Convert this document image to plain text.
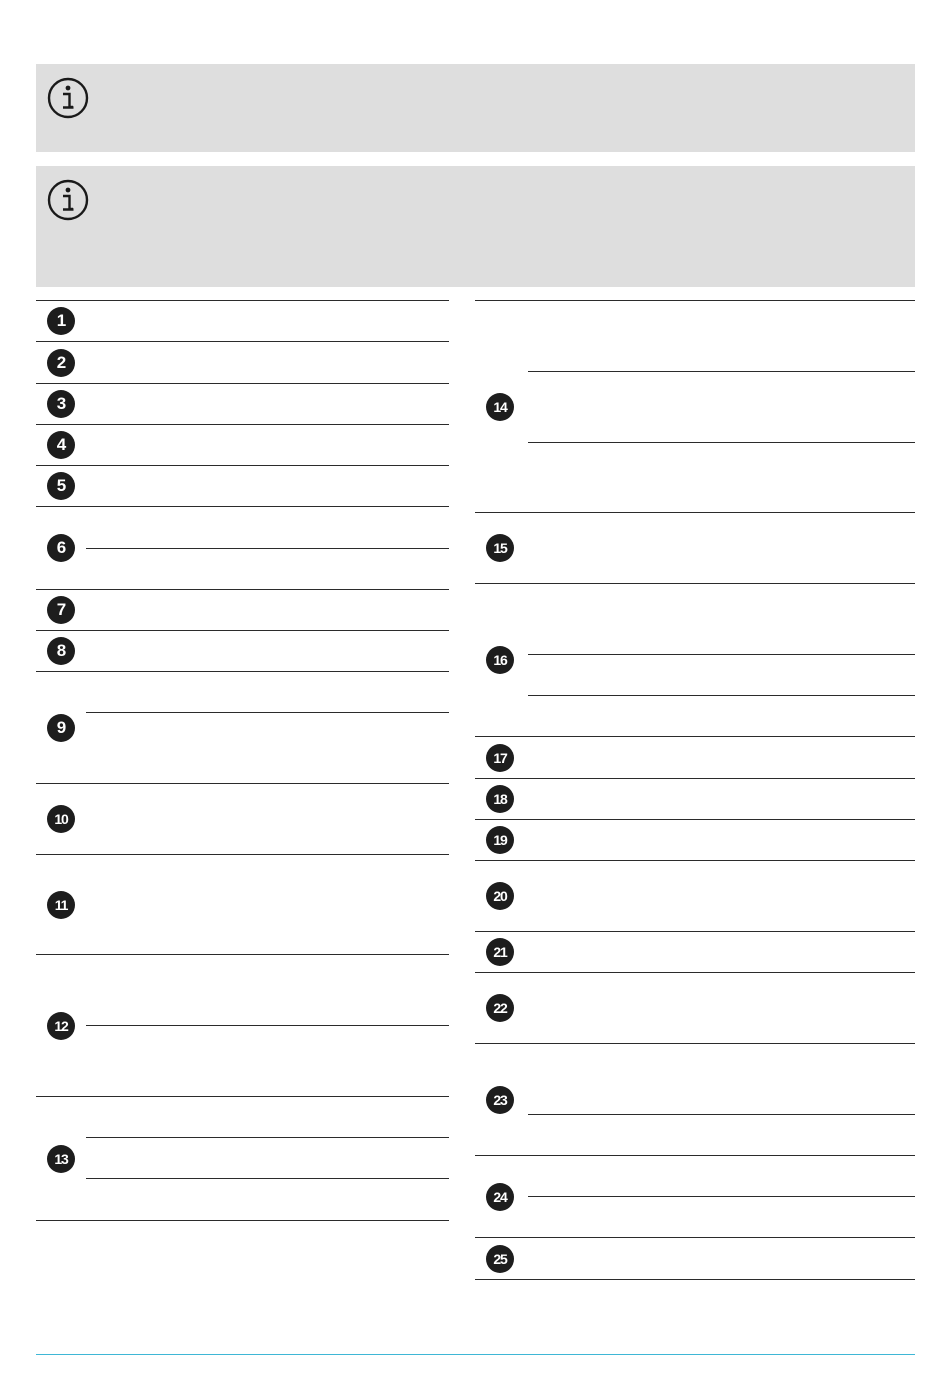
1
2
3
4
5
6
7
8
9
10
11
12
13
14
15
16
17
18
19
20
21
22
23
24
25
